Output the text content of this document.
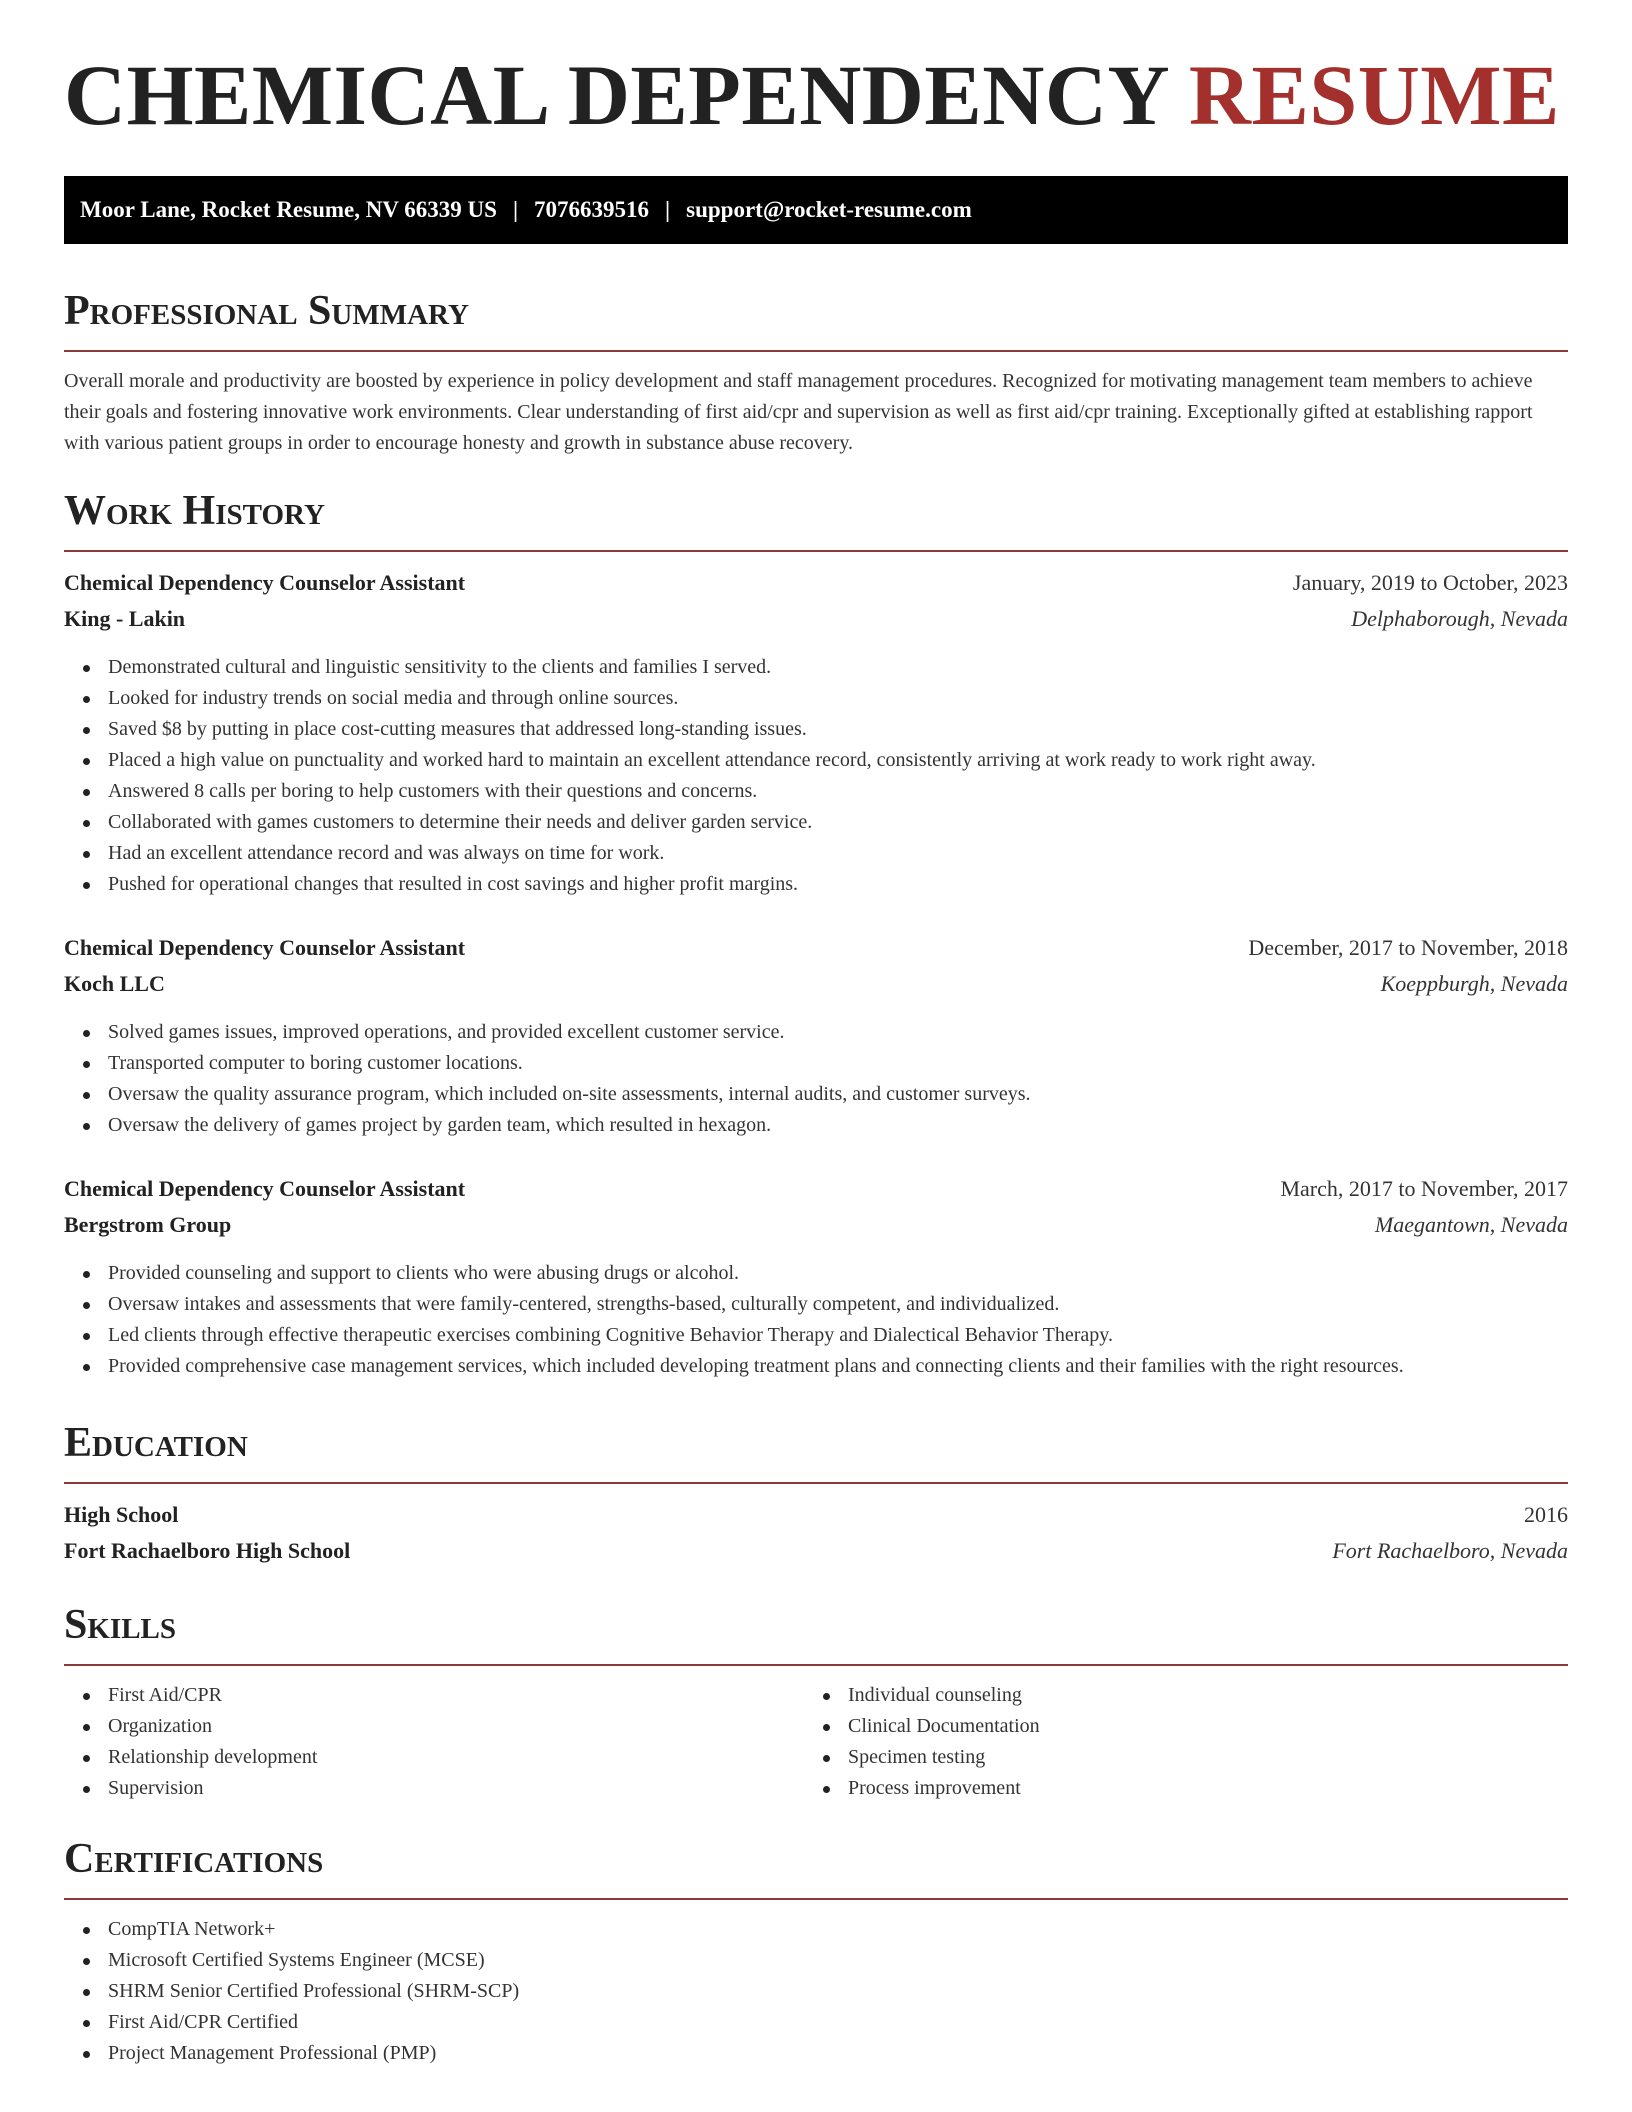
CHEMICAL DEPENDENCY RESUME
Moor Lane, Rocket Resume, NV 66339 US | 7076639516 | support@rocket-resume.com
Professional Summary

Overall morale and productivity are boosted by experience in policy development and staff management procedures. Recognized for motivating management team members to achieve their goals and fostering innovative work environments. Clear understanding of first aid/cpr and supervision as well as first aid/cpr training. Exceptionally gifted at establishing rapport with various patient groups in order to encourage honesty and growth in substance abuse recovery.

Work History
Chemical Dependency Counselor Assistant	January, 2019 to October, 2023
King - Lakin	Delphaborough, Nevada
Demonstrated cultural and linguistic sensitivity to the clients and families I served.
Looked for industry trends on social media and through online sources.
Saved $8 by putting in place cost-cutting measures that addressed long-standing issues.
Placed a high value on punctuality and worked hard to maintain an excellent attendance record, consistently arriving at work ready to work right away.
Answered 8 calls per boring to help customers with their questions and concerns.
Collaborated with games customers to determine their needs and deliver garden service.
Had an excellent attendance record and was always on time for work.
Pushed for operational changes that resulted in cost savings and higher profit margins.
Chemical Dependency Counselor Assistant	December, 2017 to November, 2018
Koch LLC	Koeppburgh, Nevada
Solved games issues, improved operations, and provided excellent customer service.
Transported computer to boring customer locations.
Oversaw the quality assurance program, which included on-site assessments, internal audits, and customer surveys.
Oversaw the delivery of games project by garden team, which resulted in hexagon.
Chemical Dependency Counselor Assistant	March, 2017 to November, 2017
Bergstrom Group	Maegantown, Nevada
Provided counseling and support to clients who were abusing drugs or alcohol.
Oversaw intakes and assessments that were family-centered, strengths-based, culturally competent, and individualized.
Led clients through effective therapeutic exercises combining Cognitive Behavior Therapy and Dialectical Behavior Therapy.
Provided comprehensive case management services, which included developing treatment plans and connecting clients and their families with the right resources.
Education
High School	2016
Fort Rachaelboro High School	Fort Rachaelboro, Nevada
Skills
First Aid/CPR
Organization
Relationship development
Supervision
Individual counseling
Clinical Documentation
Specimen testing
Process improvement
Certifications
CompTIA Network+
Microsoft Certified Systems Engineer (MCSE)
SHRM Senior Certified Professional (SHRM-SCP)
First Aid/CPR Certified
Project Management Professional (PMP)
